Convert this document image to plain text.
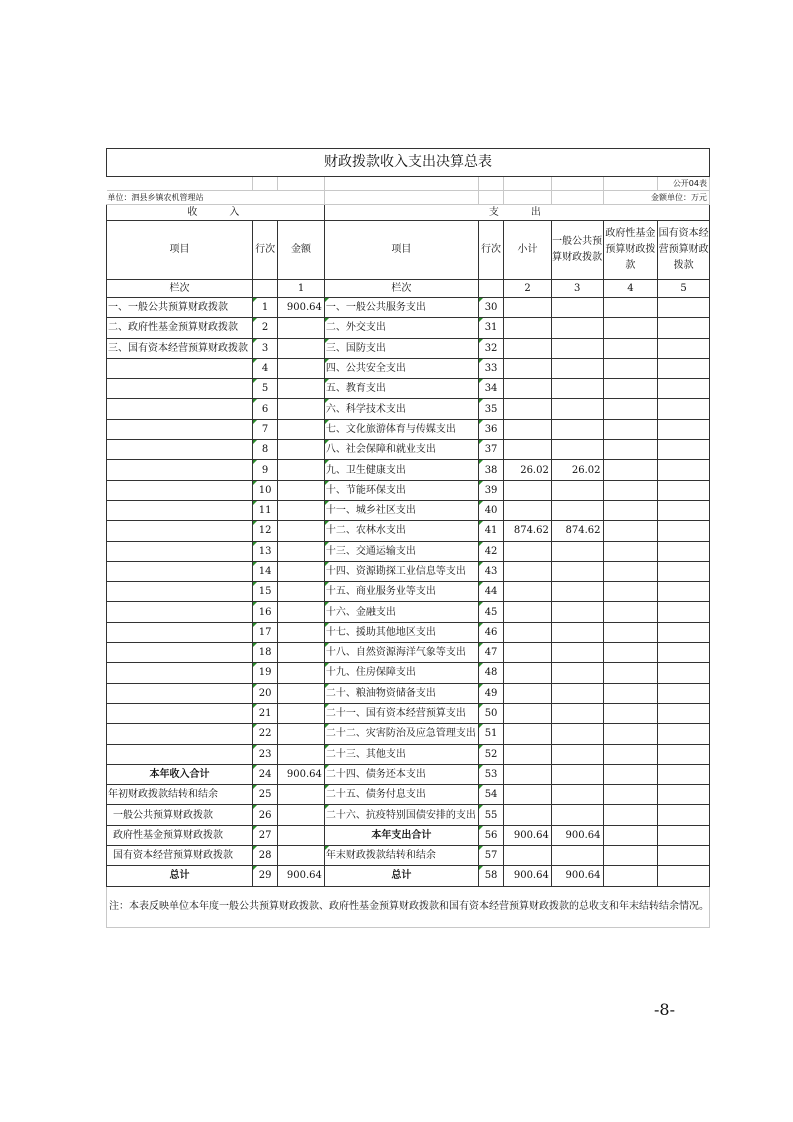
财政拨款收入支出决算总表								
								公开04表
单位：泗县乡镇农机管理站							金额单位：万元	
收　　入			支　　出					
项目	行次	金额	项目	行次	小计	一般公共预算财政拨款	政府性基金预算财政拨款	国有资本经营预算财政拨款
栏次		1	栏次		2	3	4	5
一、一般公共预算财政拨款	1	900.64	一、一般公共服务支出	30				
二、政府性基金预算财政拨款	2		二、外交支出	31				
三、国有资本经营预算财政拨款	3		三、国防支出	32				
	4		四、公共安全支出	33				
	5		五、教育支出	34				
	6		六、科学技术支出	35				
	7		七、文化旅游体育与传媒支出	36				
	8		八、社会保障和就业支出	37				
	9		九、卫生健康支出	38	26.02	26.02		
	10		十、节能环保支出	39				
	11		十一、城乡社区支出	40				
	12		十二、农林水支出	41	874.62	874.62		
	13		十三、交通运输支出	42				
	14		十四、资源勘探工业信息等支出	43				
	15		十五、商业服务业等支出	44				
	16		十六、金融支出	45				
	17		十七、援助其他地区支出	46				
	18		十八、自然资源海洋气象等支出	47				
	19		十九、住房保障支出	48				
	20		二十、粮油物资储备支出	49				
	21		二十一、国有资本经营预算支出	50				
	22		二十二、灾害防治及应急管理支出	51				
	23		二十三、其他支出	52				
本年收入合计	24	900.64	二十四、债务还本支出	53				
年初财政拨款结转和结余	25		二十五、债务付息支出	54				
一般公共预算财政拨款	26		二十六、抗疫特别国债安排的支出	55				
政府性基金预算财政拨款	27		本年支出合计	56	900.64	900.64		
国有资本经营预算财政拨款	28		年末财政拨款结转和结余	57				
总计	29	900.64	总计	58	900.64	900.64		
注：本表反映单位本年度一般公共预算财政拨款、政府性基金预算财政拨款和国有资本经营预算财政拨款的总收支和年末结转结余情况。								
-8-
